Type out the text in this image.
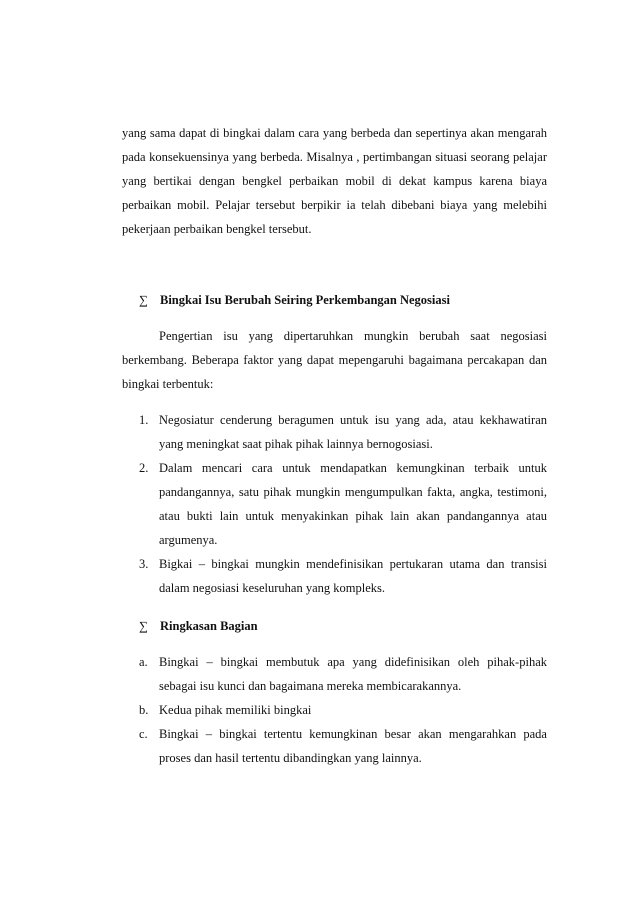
yang sama dapat di bingkai dalam cara yang berbeda dan sepertinya akan mengarah pada konsekuensinya yang berbeda. Misalnya , pertimbangan situasi seorang pelajar yang bertikai dengan bengkel perbaikan mobil di dekat kampus karena biaya perbaikan mobil. Pelajar tersebut berpikir ia telah dibebani biaya yang melebihi pekerjaan perbaikan bengkel tersebut.

∑ Bingkai Isu Berubah Seiring Perkembangan Negosiasi

Pengertian isu yang dipertaruhkan mungkin berubah saat negosiasi berkembang. Beberapa faktor yang dapat mepengaruhi bagaimana percakapan dan bingkai terbentuk:

1. Negosiatur cenderung beragumen untuk isu yang ada, atau kekhawatiran yang meningkat saat pihak pihak lainnya bernogosiasi.
2. Dalam mencari cara untuk mendapatkan kemungkinan terbaik untuk pandangannya, satu pihak mungkin mengumpulkan fakta, angka, testimoni, atau bukti lain untuk menyakinkan pihak lain akan pandangannya atau argumenya.
3. Bigkai – bingkai mungkin mendefinisikan pertukaran utama dan transisi dalam negosiasi keseluruhan yang kompleks.
∑ Ringkasan Bagian
a. Bingkai – bingkai membutuk apa yang didefinisikan oleh pihak-pihak sebagai isu kunci dan bagaimana mereka membicarakannya.
b. Kedua pihak memiliki bingkai
c. Bingkai – bingkai tertentu kemungkinan besar akan mengarahkan pada proses dan hasil tertentu dibandingkan yang lainnya.
